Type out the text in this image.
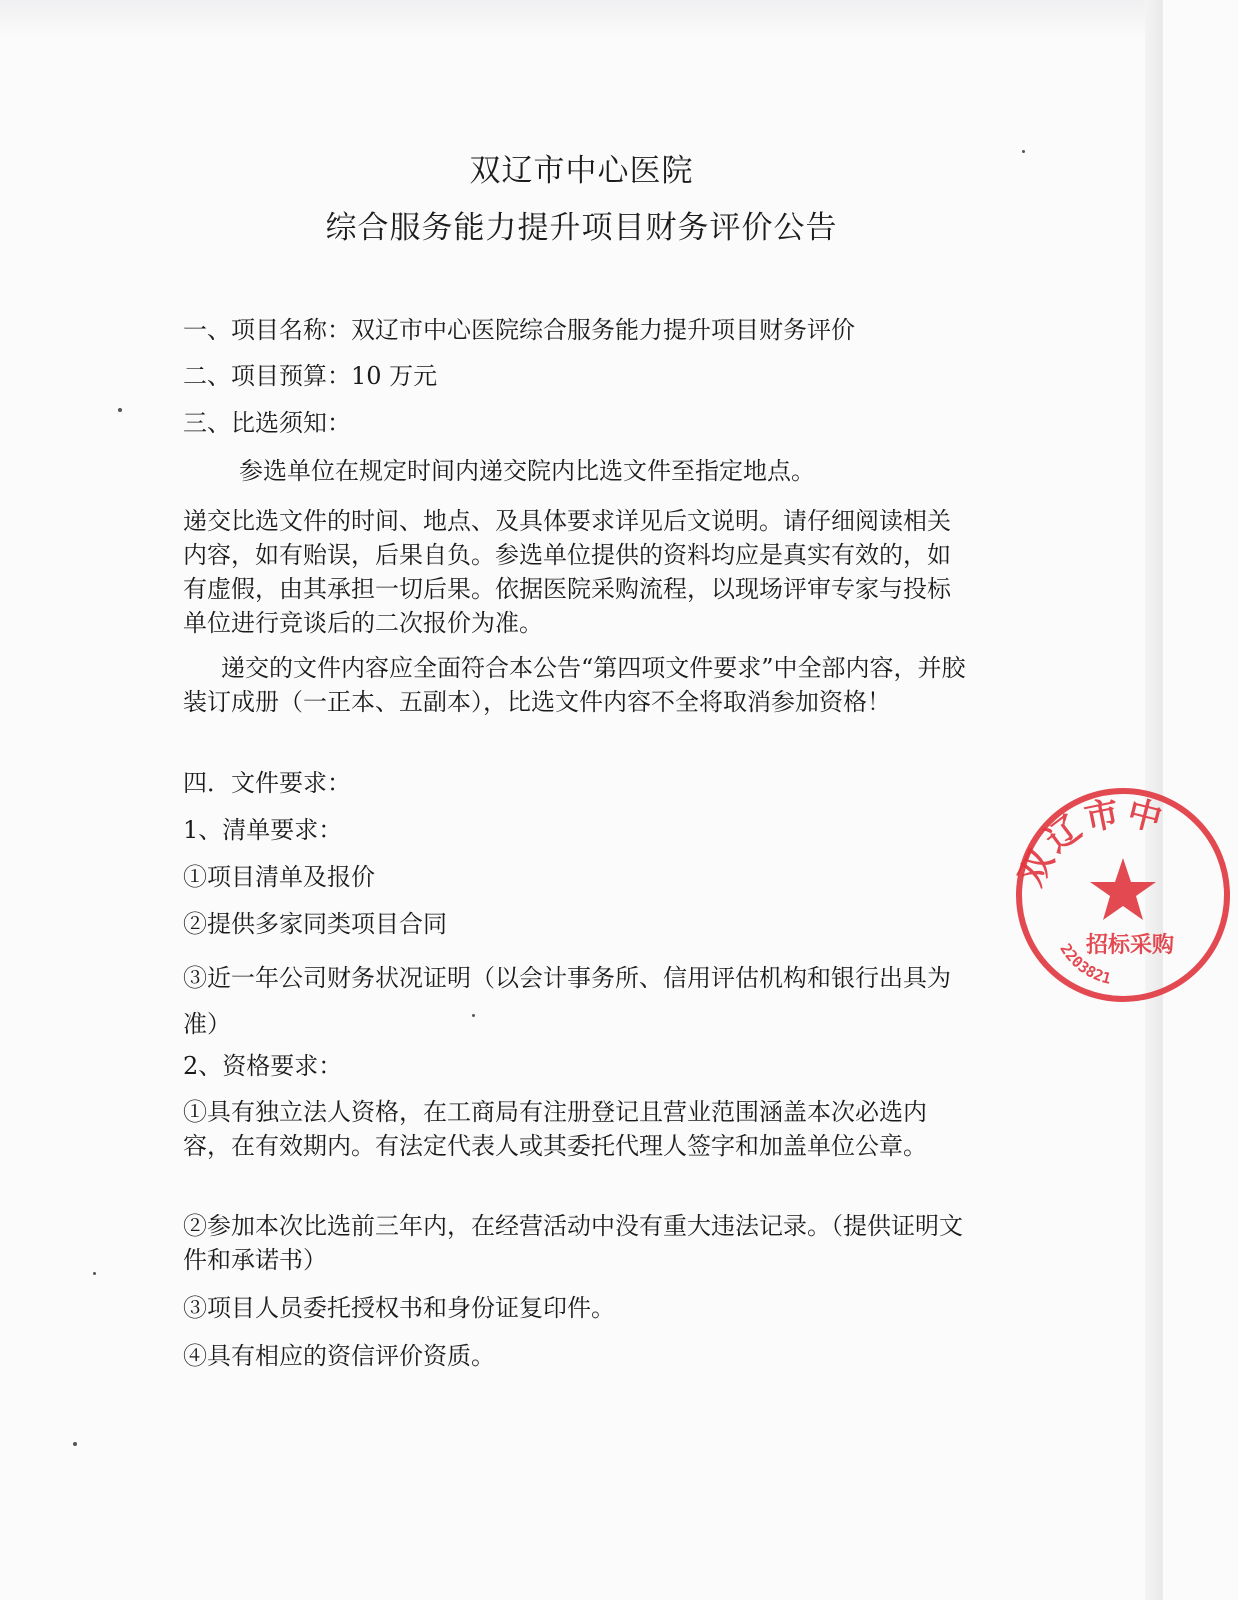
双辽市中心医院
综合服务能力提升项目财务评价公告
一、项目名称：双辽市中心医院综合服务能力提升项目财务评价
二、项目预算：10 万元
三、比选须知：
参选单位在规定时间内递交院内比选文件至指定地点。
递交比选文件的时间、地点、及具体要求详见后文说明。请仔细阅读相关内容，如有贻误，后果自负。参选单位提供的资料均应是真实有效的，如有虚假，由其承担一切后果。依据医院采购流程，以现场评审专家与投标单位进行竞谈后的二次报价为准。
递交的文件内容应全面符合本公告“第四项文件要求”中全部内容，并胶装订成册（一正本、五副本），比选文件内容不全将取消参加资格！
四．文件要求：
1、清单要求：
①项目清单及报价
②提供多家同类项目合同
③近一年公司财务状况证明（以会计事务所、信用评估机构和银行出具为准）
2、资格要求：
①具有独立法人资格，在工商局有注册登记且营业范围涵盖本次必选内容，在有效期内。有法定代表人或其委托代理人签字和加盖单位公章。
②参加本次比选前三年内，在经营活动中没有重大违法记录。（提供证明文件和承诺书）
③项目人员委托授权书和身份证复印件。
④具有相应的资信评价资质。
双辽市中
招标采购
2203821
